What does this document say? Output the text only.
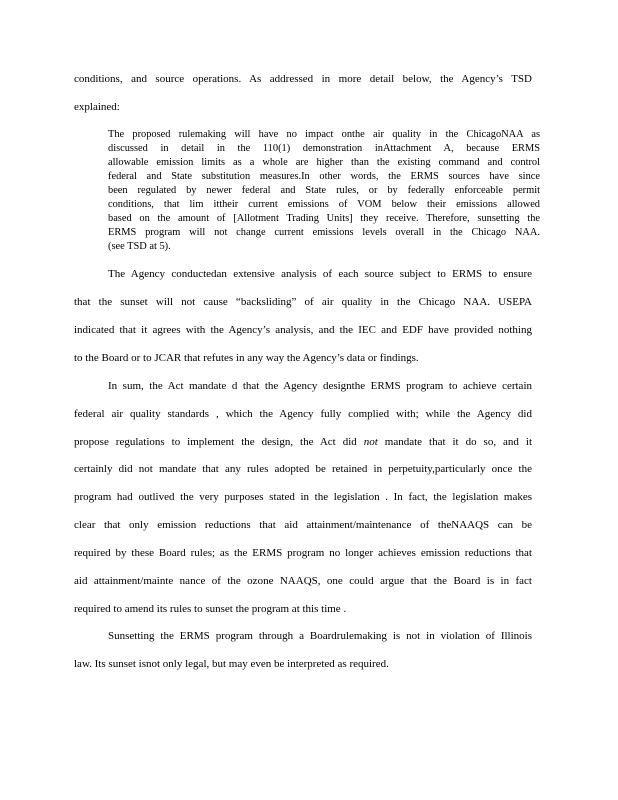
conditions, and source operations. As addressed in more detail below, the Agency’s TSD

explained:

The proposed rulemaking will have no impact onthe air quality in the ChicagoNAA as

discussed in detail in the 110(1) demonstration inAttachment A, because ERMS

allowable emission limits as a whole are higher than the existing command and control

federal and State substitution measures.In other words, the ERMS sources have since

been regulated by newer federal and State rules, or by federally enforceable permit

conditions, that lim ittheir current emissions of VOM below their emissions allowed

based on the amount of [Allotment Trading Units] they receive. Therefore, sunsetting the

ERMS program will not change current emissions levels overall in the Chicago NAA.

(see TSD at 5).

The Agency conductedan extensive analysis of each source subject to ERMS to ensure

that the sunset will not cause “backsliding” of air quality in the Chicago NAA. USEPA

indicated that it agrees with the Agency’s analysis, and the IEC and EDF have provided nothing

to the Board or to JCAR that refutes in any way the Agency’s data or findings.

In sum, the Act mandate d that the Agency designthe ERMS program to achieve certain

federal air quality standards , which the Agency fully complied with; while the Agency did

propose regulations to implement the design, the Act did not mandate that it do so, and it

certainly did not mandate that any rules adopted be retained in perpetuity,particularly once the

program had outlived the very purposes stated in the legislation . In fact, the legislation makes

clear that only emission reductions that aid attainment/maintenance of theNAAQS can be

required by these Board rules; as the ERMS program no longer achieves emission reductions that

aid attainment/mainte nance of the ozone NAAQS, one could argue that the Board is in fact

required to amend its rules to sunset the program at this time .

Sunsetting the ERMS program through a Boardrulemaking is not in violation of Illinois

law. Its sunset isnot only legal, but may even be interpreted as required.
